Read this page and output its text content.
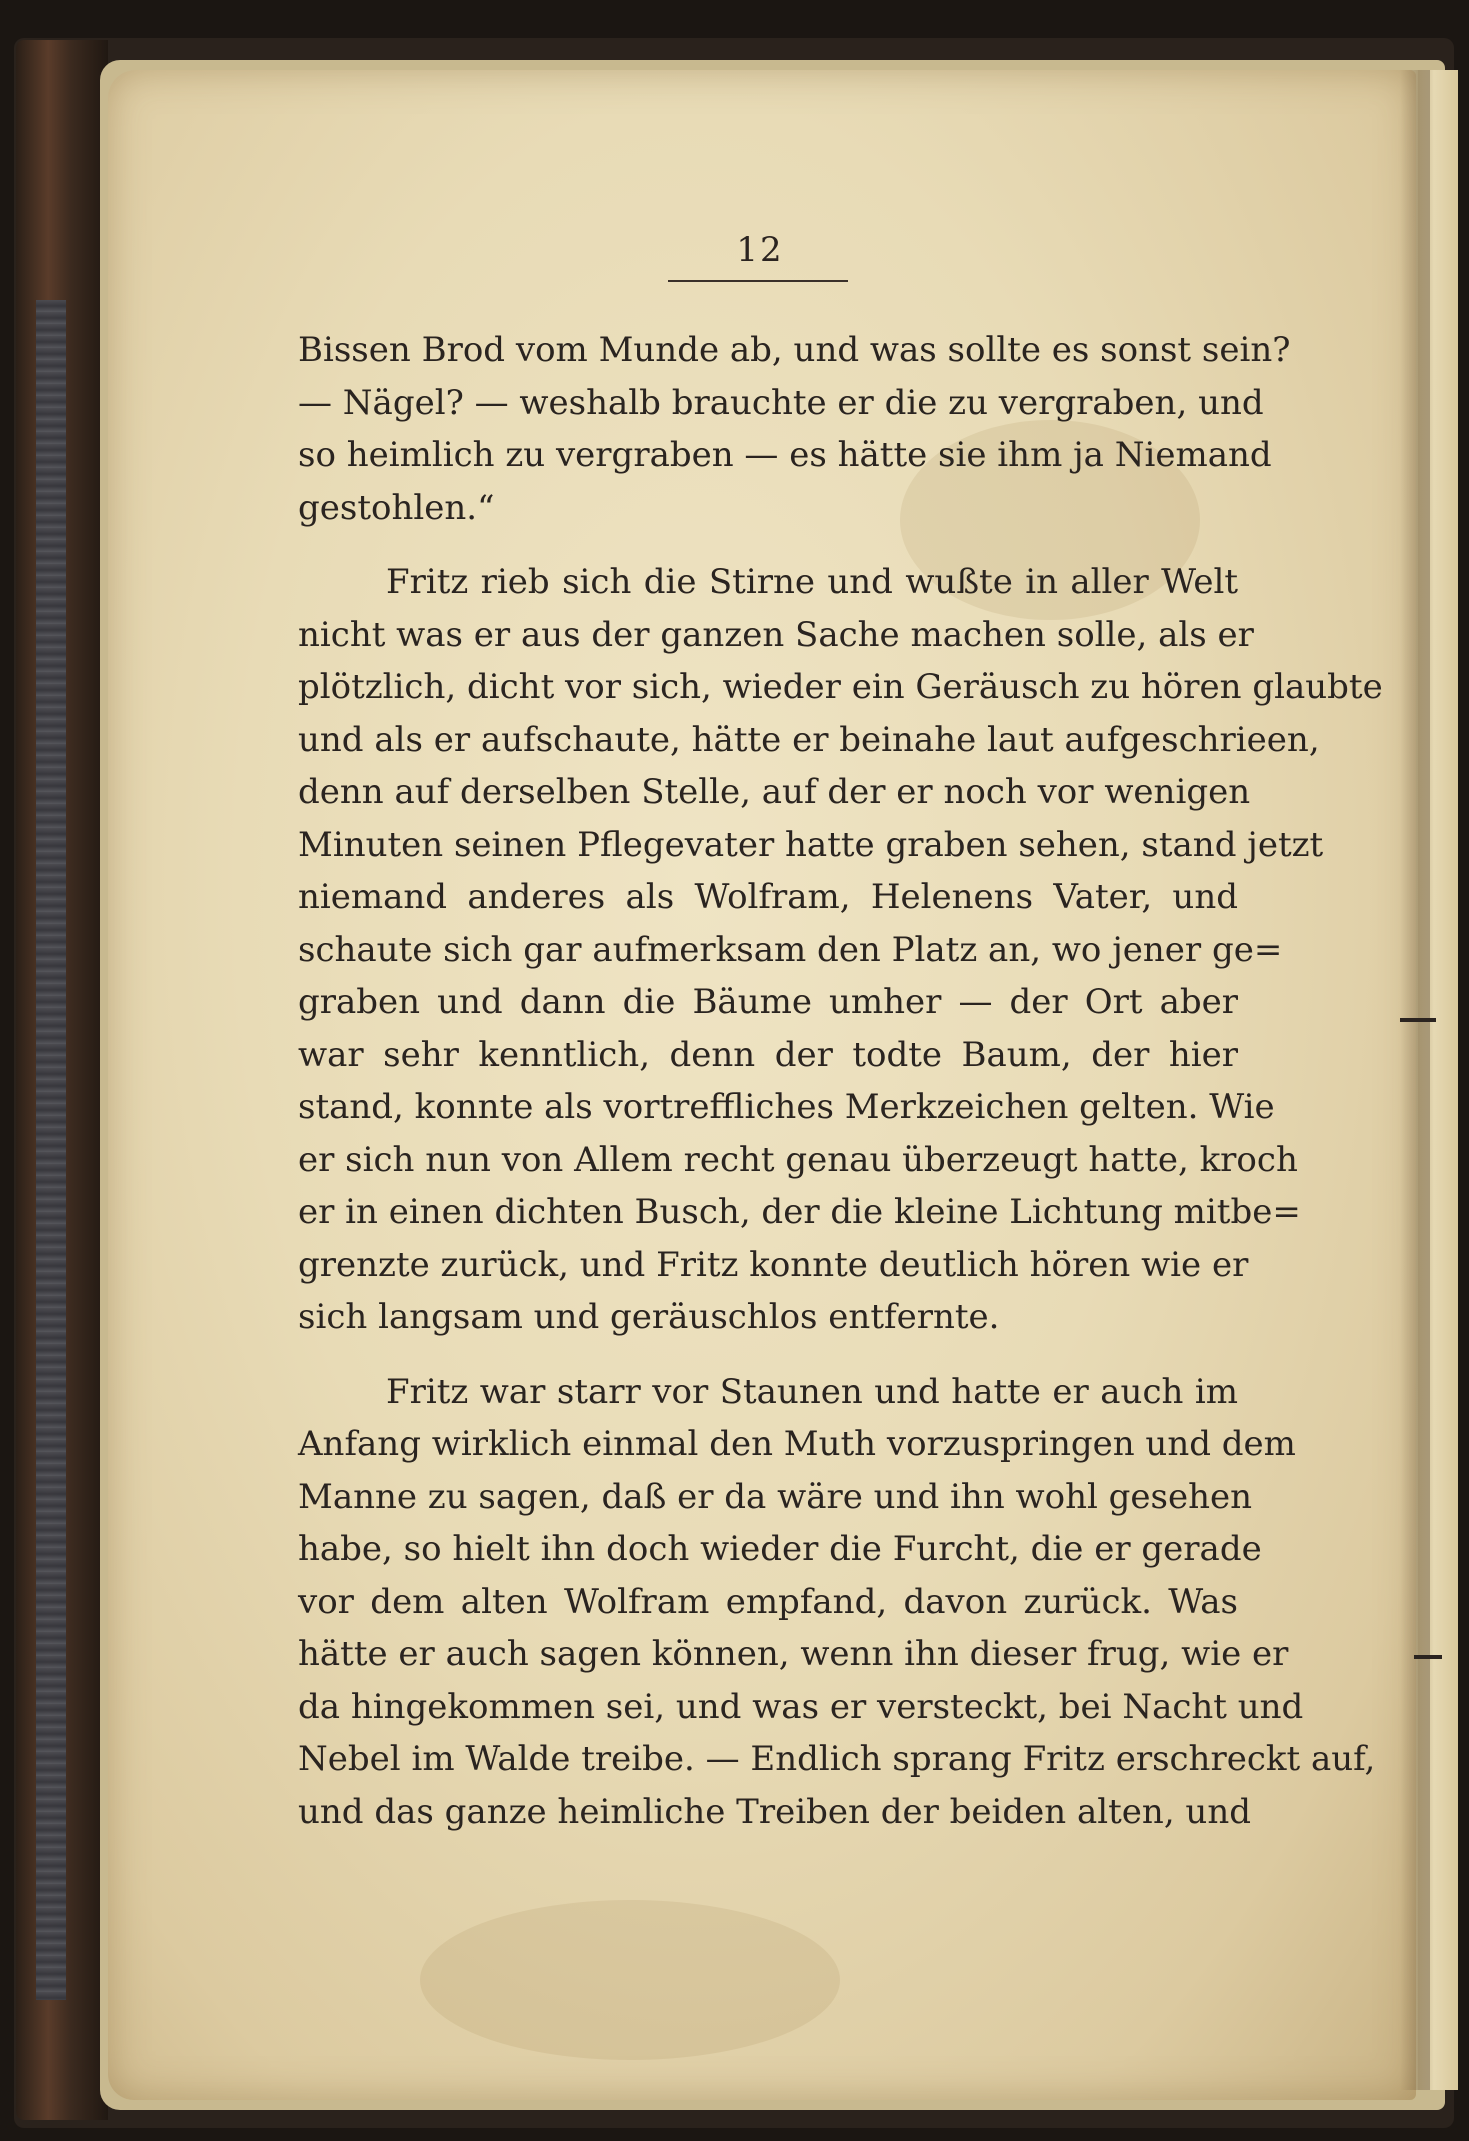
12
Bissen Brod vom Munde ab, und was sollte es sonst sein?
— Nägel? — weshalb brauchte er die zu vergraben, und
so heimlich zu vergraben — es hätte sie ihm ja Niemand
gestohlen.“
Fritz rieb sich die Stirne und wußte in aller Welt
nicht was er aus der ganzen Sache machen solle, als er
plötzlich, dicht vor sich, wieder ein Geräusch zu hören glaubte
und als er aufschaute, hätte er beinahe laut aufgeschrieen,
denn auf derselben Stelle, auf der er noch vor wenigen
Minuten seinen Pflegevater hatte graben sehen, stand jetzt
niemand anderes als Wolfram, Helenens Vater, und
schaute sich gar aufmerksam den Platz an, wo jener ge=
graben und dann die Bäume umher — der Ort aber
war sehr kenntlich, denn der todte Baum, der hier
stand, konnte als vortreffliches Merkzeichen gelten. Wie
er sich nun von Allem recht genau überzeugt hatte, kroch
er in einen dichten Busch, der die kleine Lichtung mitbe=
grenzte zurück, und Fritz konnte deutlich hören wie er
sich langsam und geräuschlos entfernte.
Fritz war starr vor Staunen und hatte er auch im
Anfang wirklich einmal den Muth vorzuspringen und dem
Manne zu sagen, daß er da wäre und ihn wohl gesehen
habe, so hielt ihn doch wieder die Furcht, die er gerade
vor dem alten Wolfram empfand, davon zurück. Was
hätte er auch sagen können, wenn ihn dieser frug, wie er
da hingekommen sei, und was er versteckt, bei Nacht und
Nebel im Walde treibe. — Endlich sprang Fritz erschreckt auf,
und das ganze heimliche Treiben der beiden alten, und
